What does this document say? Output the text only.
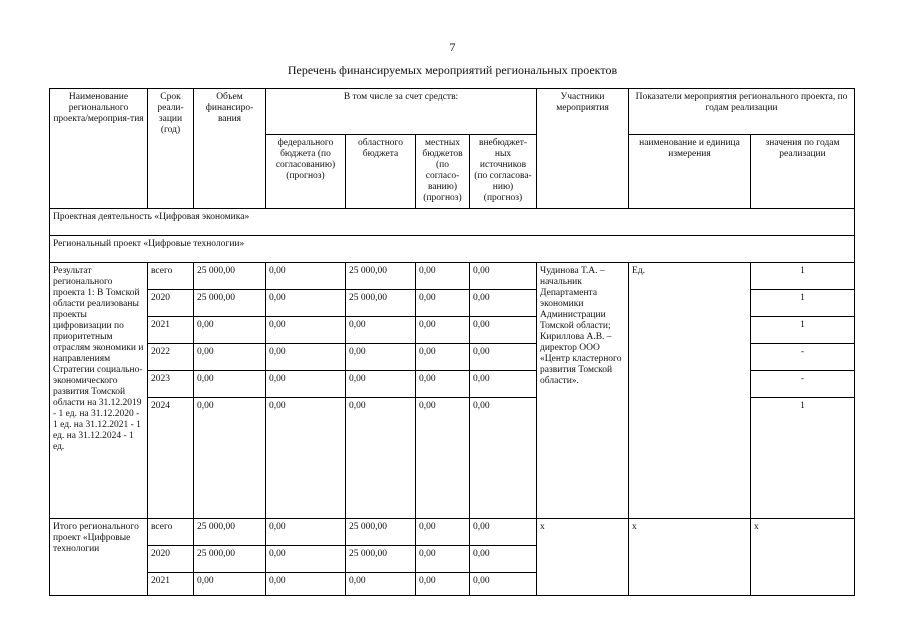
7
Перечень финансируемых мероприятий региональных проектов
Наименование регионального проекта/мероприя-тия	Срок реали-зации (год)	Объем финансиро-вания	В том числе за счет средств:				Участники мероприятия	Показатели мероприятия регионального проекта, по годам реализации	
			федерального бюджета (по согласованию) (прогноз)	областного бюджета	местных бюджетов (по согласо-ванию) (прогноз)	внебюджет-ных источников (по согласова-нию) (прогноз)		наименование и единица измерения	значения по годам реализации
Проектная деятельность «Цифровая экономика»									
Региональный проект «Цифровые технологии»									
Результат регионального проекта 1: В Томской области реализованы проекты цифровизации по приоритетным отраслям экономики и направлениям Стратегии социально-экономического развития Томской области на 31.12.2019 - 1 ед. на 31.12.2020 - 1 ед. на 31.12.2021 - 1 ед. на 31.12.2024 - 1 ед.	всего	25 000,00	0,00	25 000,00	0,00	0,00	Чудинова Т.А. – начальник Департамента экономики Администрации Томской области; Кириллова А.В. – директор ООО «Центр кластерного развития Томской области».	Ед.	1
	2020	25 000,00	0,00	25 000,00	0,00	0,00			1
	2021	0,00	0,00	0,00	0,00	0,00			1
	2022	0,00	0,00	0,00	0,00	0,00			-
	2023	0,00	0,00	0,00	0,00	0,00			-
	2024	0,00	0,00	0,00	0,00	0,00			1
Итого регионального проект «Цифровые технологии	всего	25 000,00	0,00	25 000,00	0,00	0,00	х	х	х
	2020	25 000,00	0,00	25 000,00	0,00	0,00			
	2021	0,00	0,00	0,00	0,00	0,00			
